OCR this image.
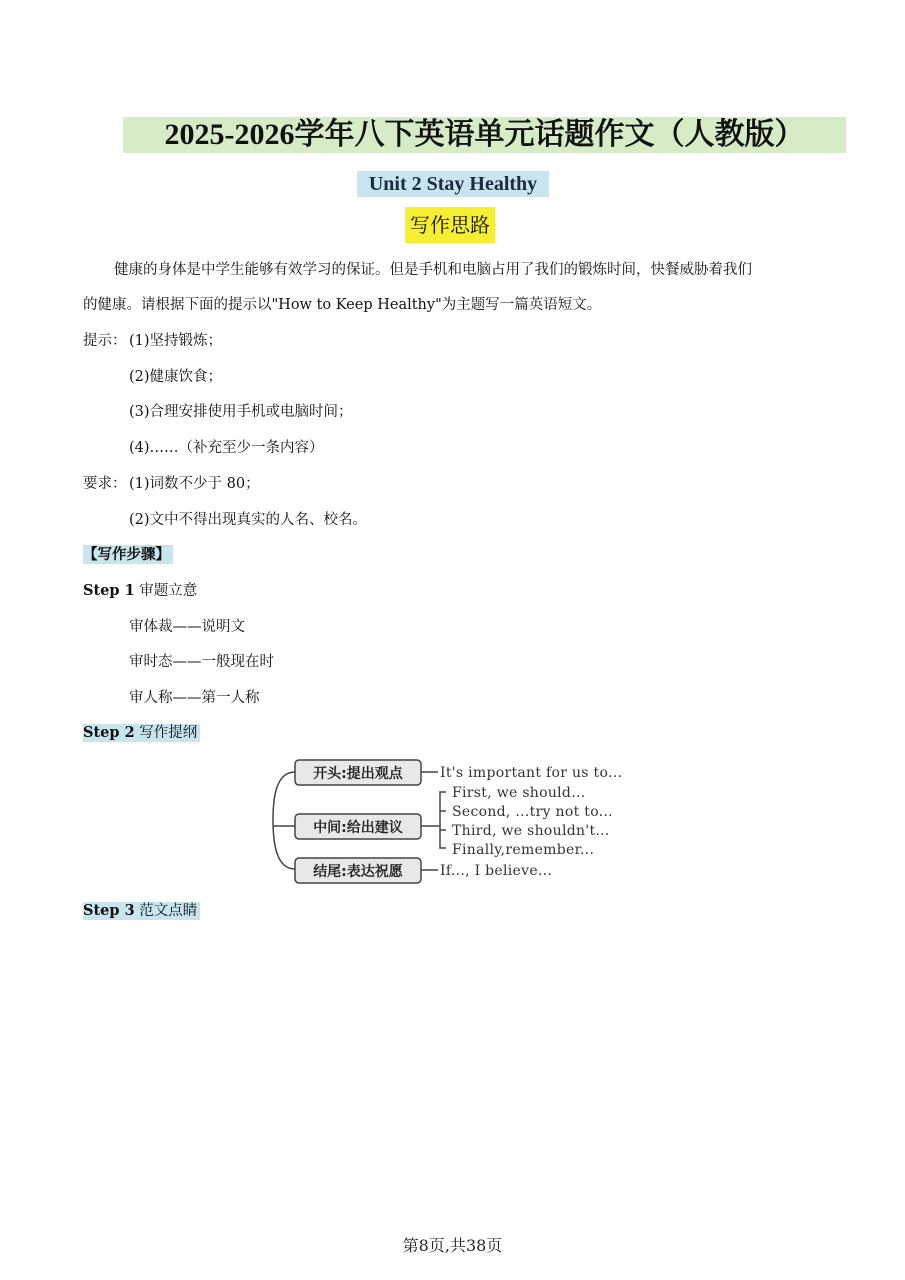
2025-2026学年八下英语单元话题作文（人教版）
Unit 2 Stay Healthy
写作思路
健康的身体是中学生能够有效学习的保证。但是手机和电脑占用了我们的锻炼时间，快餐威胁着我们
的健康。请根据下面的提示以"How to Keep Healthy"为主题写一篇英语短文。
提示： (1)坚持锻炼；
(2)健康饮食；
(3)合理安排使用手机或电脑时间；
(4)……（补充至少一条内容）
要求： (1)词数不少于 80；
(2)文中不得出现真实的人名、校名。
【写作步骤】
Step 1 审题立意
审体裁——说明文
审时态——一般现在时
审人称——第一人称
Step 2 写作提纲
开头:提出观点
中间:给出建议
结尾:表达祝愿
It's important for us to...
First, we should...
Second, ...try not to...
Third, we shouldn't...
Finally,remember...
If..., I believe...
Step 3 范文点睛
第8页,共38页
